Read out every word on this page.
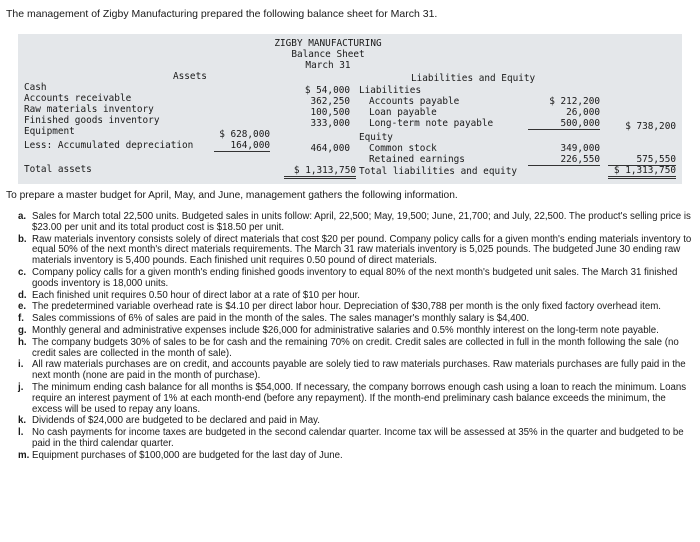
The management of Zigby Manufacturing prepared the following balance sheet for March 31.
ZIGBY MANUFACTURING
Balance Sheet
March 31
Assets	Liabilities and Equity
Cash	$ 54,000
Accounts receivable	362,250
Raw materials inventory	100,500
Finished goods inventory	333,000
Equipment	$ 628,000
Less: Accumulated depreciation	164,000	464,000
Total assets	$ 1,313,750
Liabilities
Accounts payable	$ 212,200
Loan payable	26,000
Long-term note payable	500,000	$ 738,200
Equity
Common stock	349,000
Retained earnings	226,550	575,550
Total liabilities and equity	$ 1,313,750
To prepare a master budget for April, May, and June, management gathers the following information.
a. Sales for March total 22,500 units. Budgeted sales in units follow: April, 22,500; May, 19,500; June, 21,700; and July, 22,500. The product's selling price is $23.00 per unit and its total product cost is $18.50 per unit.
b. Raw materials inventory consists solely of direct materials that cost $20 per pound. Company policy calls for a given month's ending materials inventory to equal 50% of the next month's direct materials requirements. The March 31 raw materials inventory is 5,025 pounds. The budgeted June 30 ending raw materials inventory is 5,400 pounds. Each finished unit requires 0.50 pound of direct materials.
c. Company policy calls for a given month's ending finished goods inventory to equal 80% of the next month's budgeted unit sales. The March 31 finished goods inventory is 18,000 units.
d. Each finished unit requires 0.50 hour of direct labor at a rate of $10 per hour.
e. The predetermined variable overhead rate is $4.10 per direct labor hour. Depreciation of $30,788 per month is the only fixed factory overhead item.
f. Sales commissions of 6% of sales are paid in the month of the sales. The sales manager's monthly salary is $4,400.
g. Monthly general and administrative expenses include $26,000 for administrative salaries and 0.5% monthly interest on the long-term note payable.
h. The company budgets 30% of sales to be for cash and the remaining 70% on credit. Credit sales are collected in full in the month following the sale (no credit sales are collected in the month of sale).
i. All raw materials purchases are on credit, and accounts payable are solely tied to raw materials purchases. Raw materials purchases are fully paid in the next month (none are paid in the month of purchase).
j. The minimum ending cash balance for all months is $54,000. If necessary, the company borrows enough cash using a loan to reach the minimum. Loans require an interest payment of 1% at each month-end (before any repayment). If the month-end preliminary cash balance exceeds the minimum, the excess will be used to repay any loans.
k. Dividends of $24,000 are budgeted to be declared and paid in May.
l. No cash payments for income taxes are budgeted in the second calendar quarter. Income tax will be assessed at 35% in the quarter and budgeted to be paid in the third calendar quarter.
m. Equipment purchases of $100,000 are budgeted for the last day of June.
